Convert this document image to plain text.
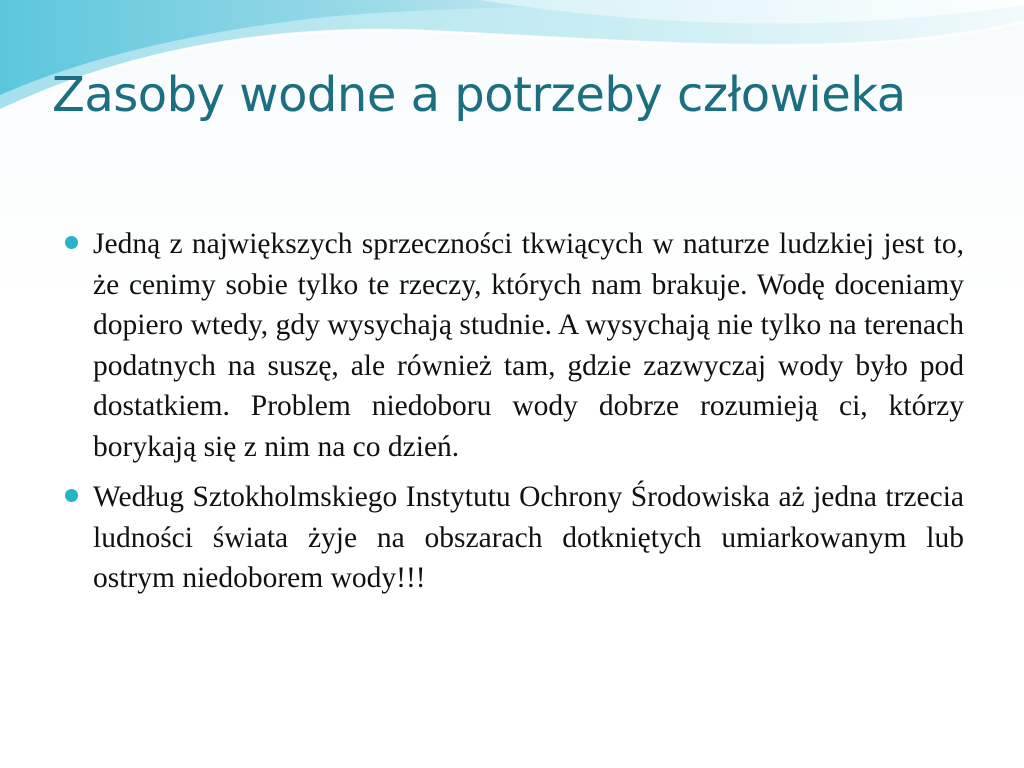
Zasoby wodne a potrzeby człowieka
Jedną z największych sprzeczności tkwiących w naturze ludzkiej jest to, że cenimy sobie tylko te rzeczy, których nam brakuje. Wodę doceniamy dopiero wtedy, gdy wysychają studnie. A wysychają nie tylko na terenach podatnych na suszę, ale również tam, gdzie zazwyczaj wody było pod dostatkiem. Problem niedoboru wody dobrze rozumieją ci, którzy borykają się z nim na co dzień.
Według Sztokholmskiego Instytutu Ochrony Środowiska aż jedna trzecia ludności świata żyje na obszarach dotkniętych umiarkowanym lub ostrym niedoborem wody!!!
